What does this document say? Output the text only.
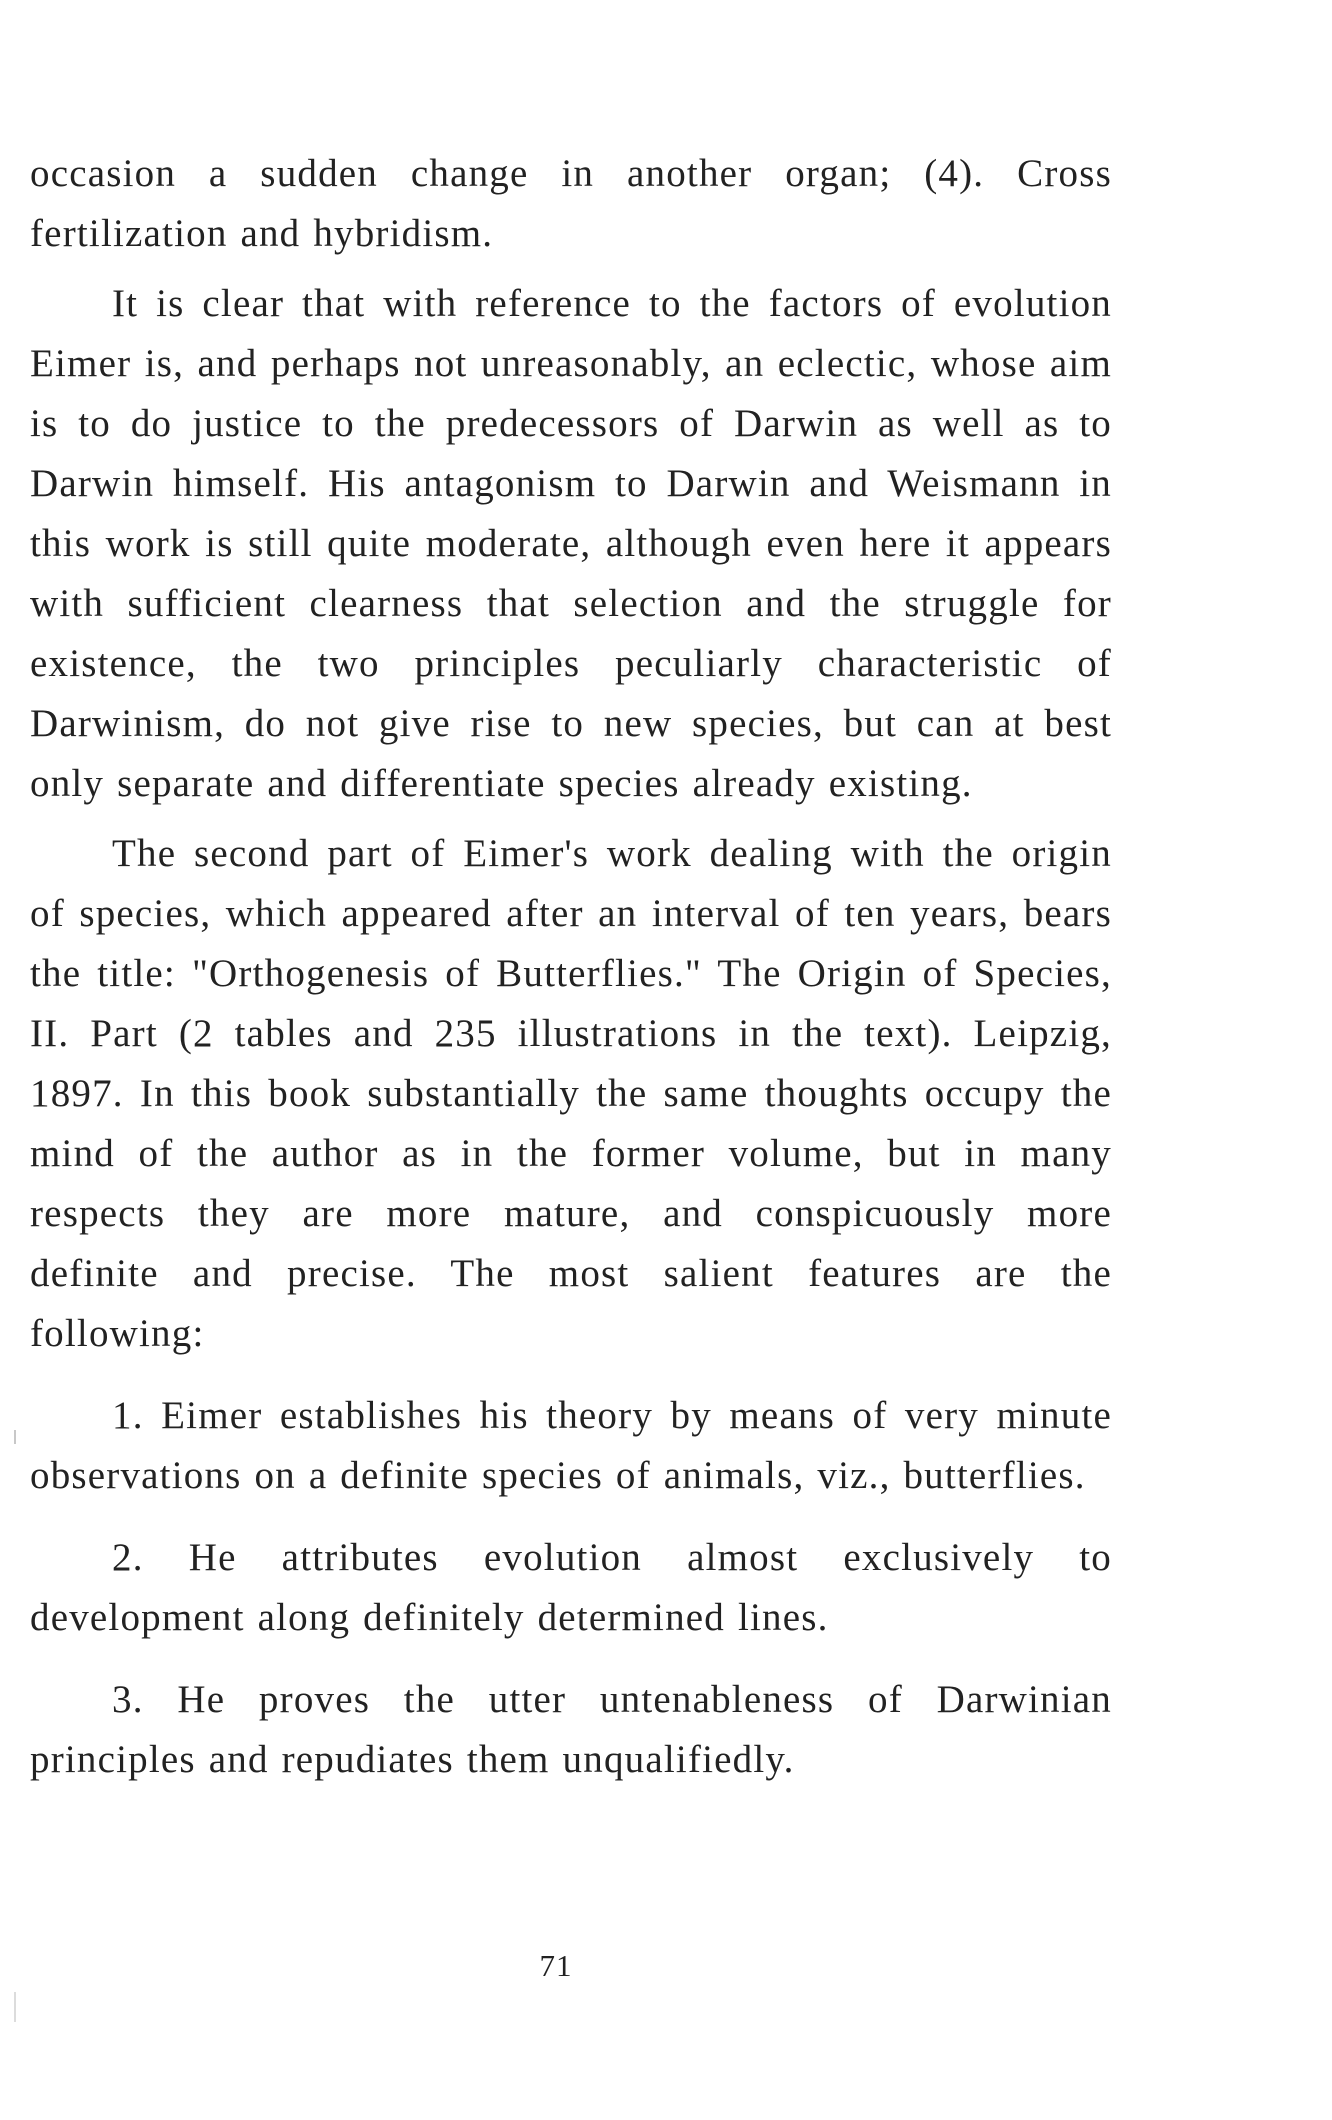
occasion a sudden change in another organ; (4). Cross fertilization and hybridism.

It is clear that with reference to the factors of evolution Eimer is, and perhaps not unreasonably, an eclectic, whose aim is to do justice to the predecessors of Darwin as well as to Darwin himself. His antagonism to Darwin and Weismann in this work is still quite moderate, although even here it appears with sufficient clearness that selection and the struggle for existence, the two principles peculiarly characteristic of Darwinism, do not give rise to new species, but can at best only separate and differentiate species already existing.

The second part of Eimer's work dealing with the origin of species, which appeared after an interval of ten years, bears the title: "Orthogenesis of Butterflies." The Origin of Species, II. Part (2 tables and 235 illustrations in the text). Leipzig, 1897. In this book substantially the same thoughts occupy the mind of the author as in the former volume, but in many respects they are more mature, and conspicuously more definite and precise. The most salient features are the following:

1. Eimer establishes his theory by means of very minute observations on a definite species of animals, viz., butterflies.

2. He attributes evolution almost exclusively to development along definitely determined lines.

3. He proves the utter untenableness of Darwinian principles and repudiates them unqualifiedly.

71
